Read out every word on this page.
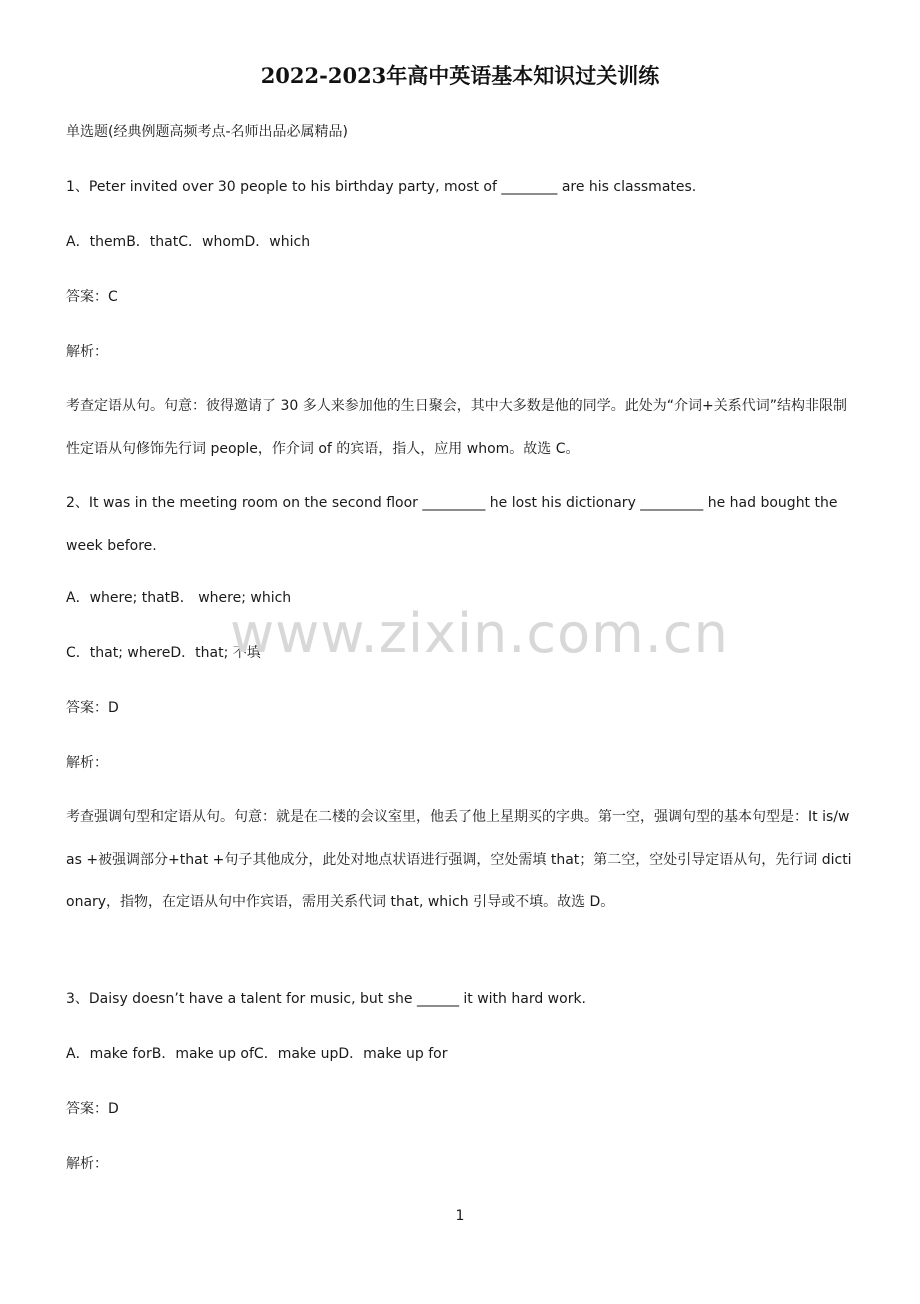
2022-2023年高中英语基本知识过关训练
单选题(经典例题高频考点-名师出品必属精品)
1、Peter invited over 30 people to his birthday party, most of ________ are his classmates.
A．themB．thatC．whomD．which
答案：C
解析：
考查定语从句。句意：彼得邀请了 30 多人来参加他的生日聚会，其中大多数是他的同学。此处为“介词+关系代词”结构非限制性定语从句修饰先行词 people，作介词 of 的宾语，指人，应用 whom。故选 C。
2、It was in the meeting room on the second floor _________ he lost his dictionary _________ he had bought the week before.
A．where; thatB． where; which
C．that; whereD．that; 不填
答案：D
解析：
考查强调句型和定语从句。句意：就是在二楼的会议室里，他丢了他上星期买的字典。第一空，强调句型的基本句型是：It is/was +被强调部分+that +句子其他成分，此处对地点状语进行强调，空处需填 that；第二空，空处引导定语从句，先行词 dictionary，指物，在定语从句中作宾语，需用关系代词 that, which 引导或不填。故选 D。
3、Daisy doesn’t have a talent for music, but she ______ it with hard work.
A．make forB．make up ofC．make upD．make up for
答案：D
解析：
www.zixin.com.cn
1
